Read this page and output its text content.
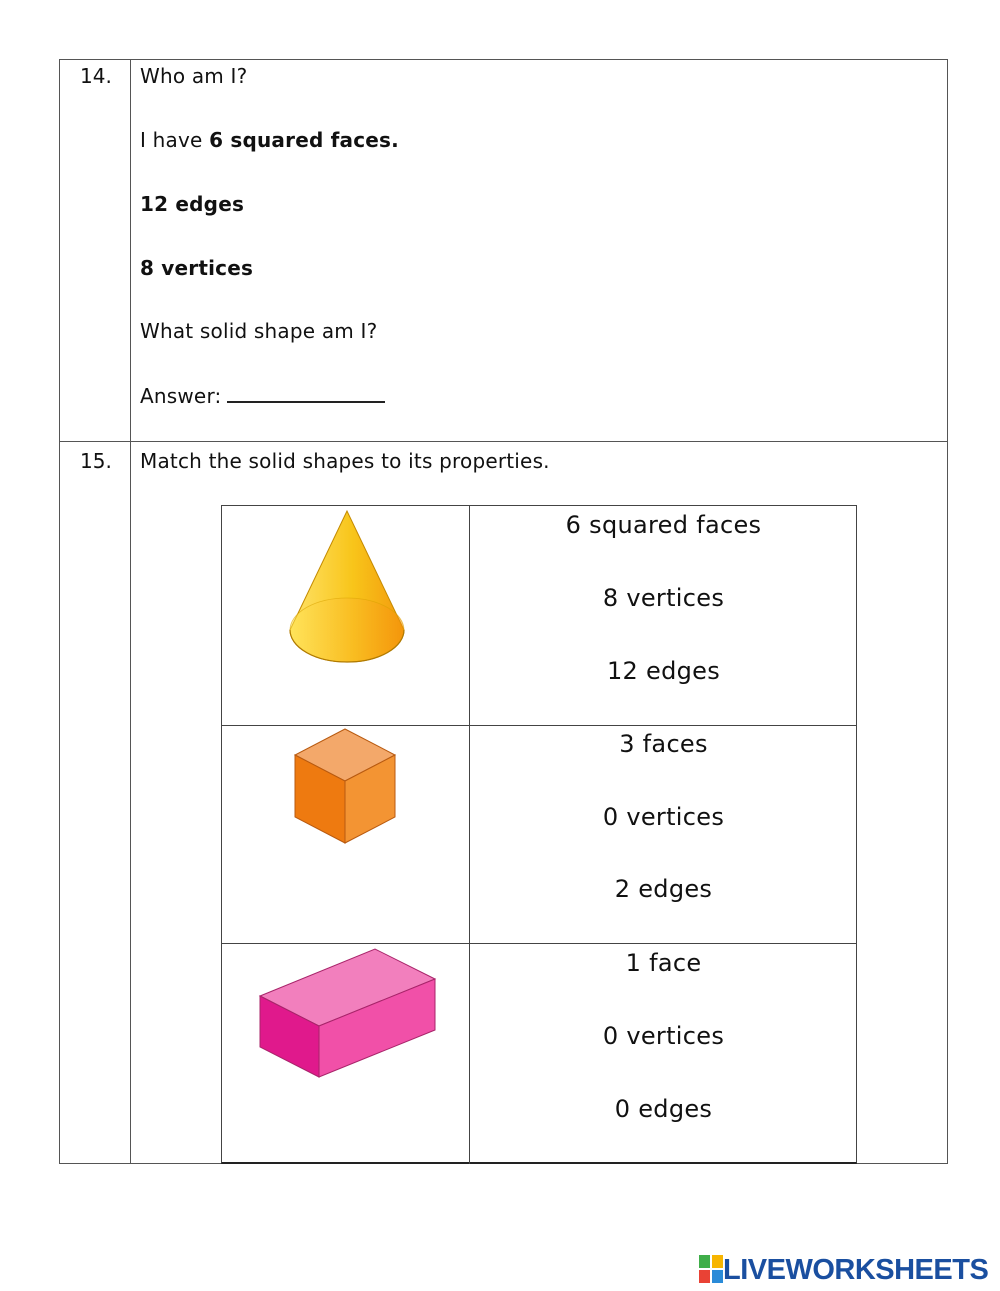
14. Who am I?
I have 6 squared faces.
12 edges
8 vertices
What solid shape am I?
Answer:
15. Match the solid shapes to its properties.
6 squared faces
8 vertices
12 edges
3 faces
0 vertices
2 edges
1 face
0 vertices
0 edges
LIVEWORKSHEETS
